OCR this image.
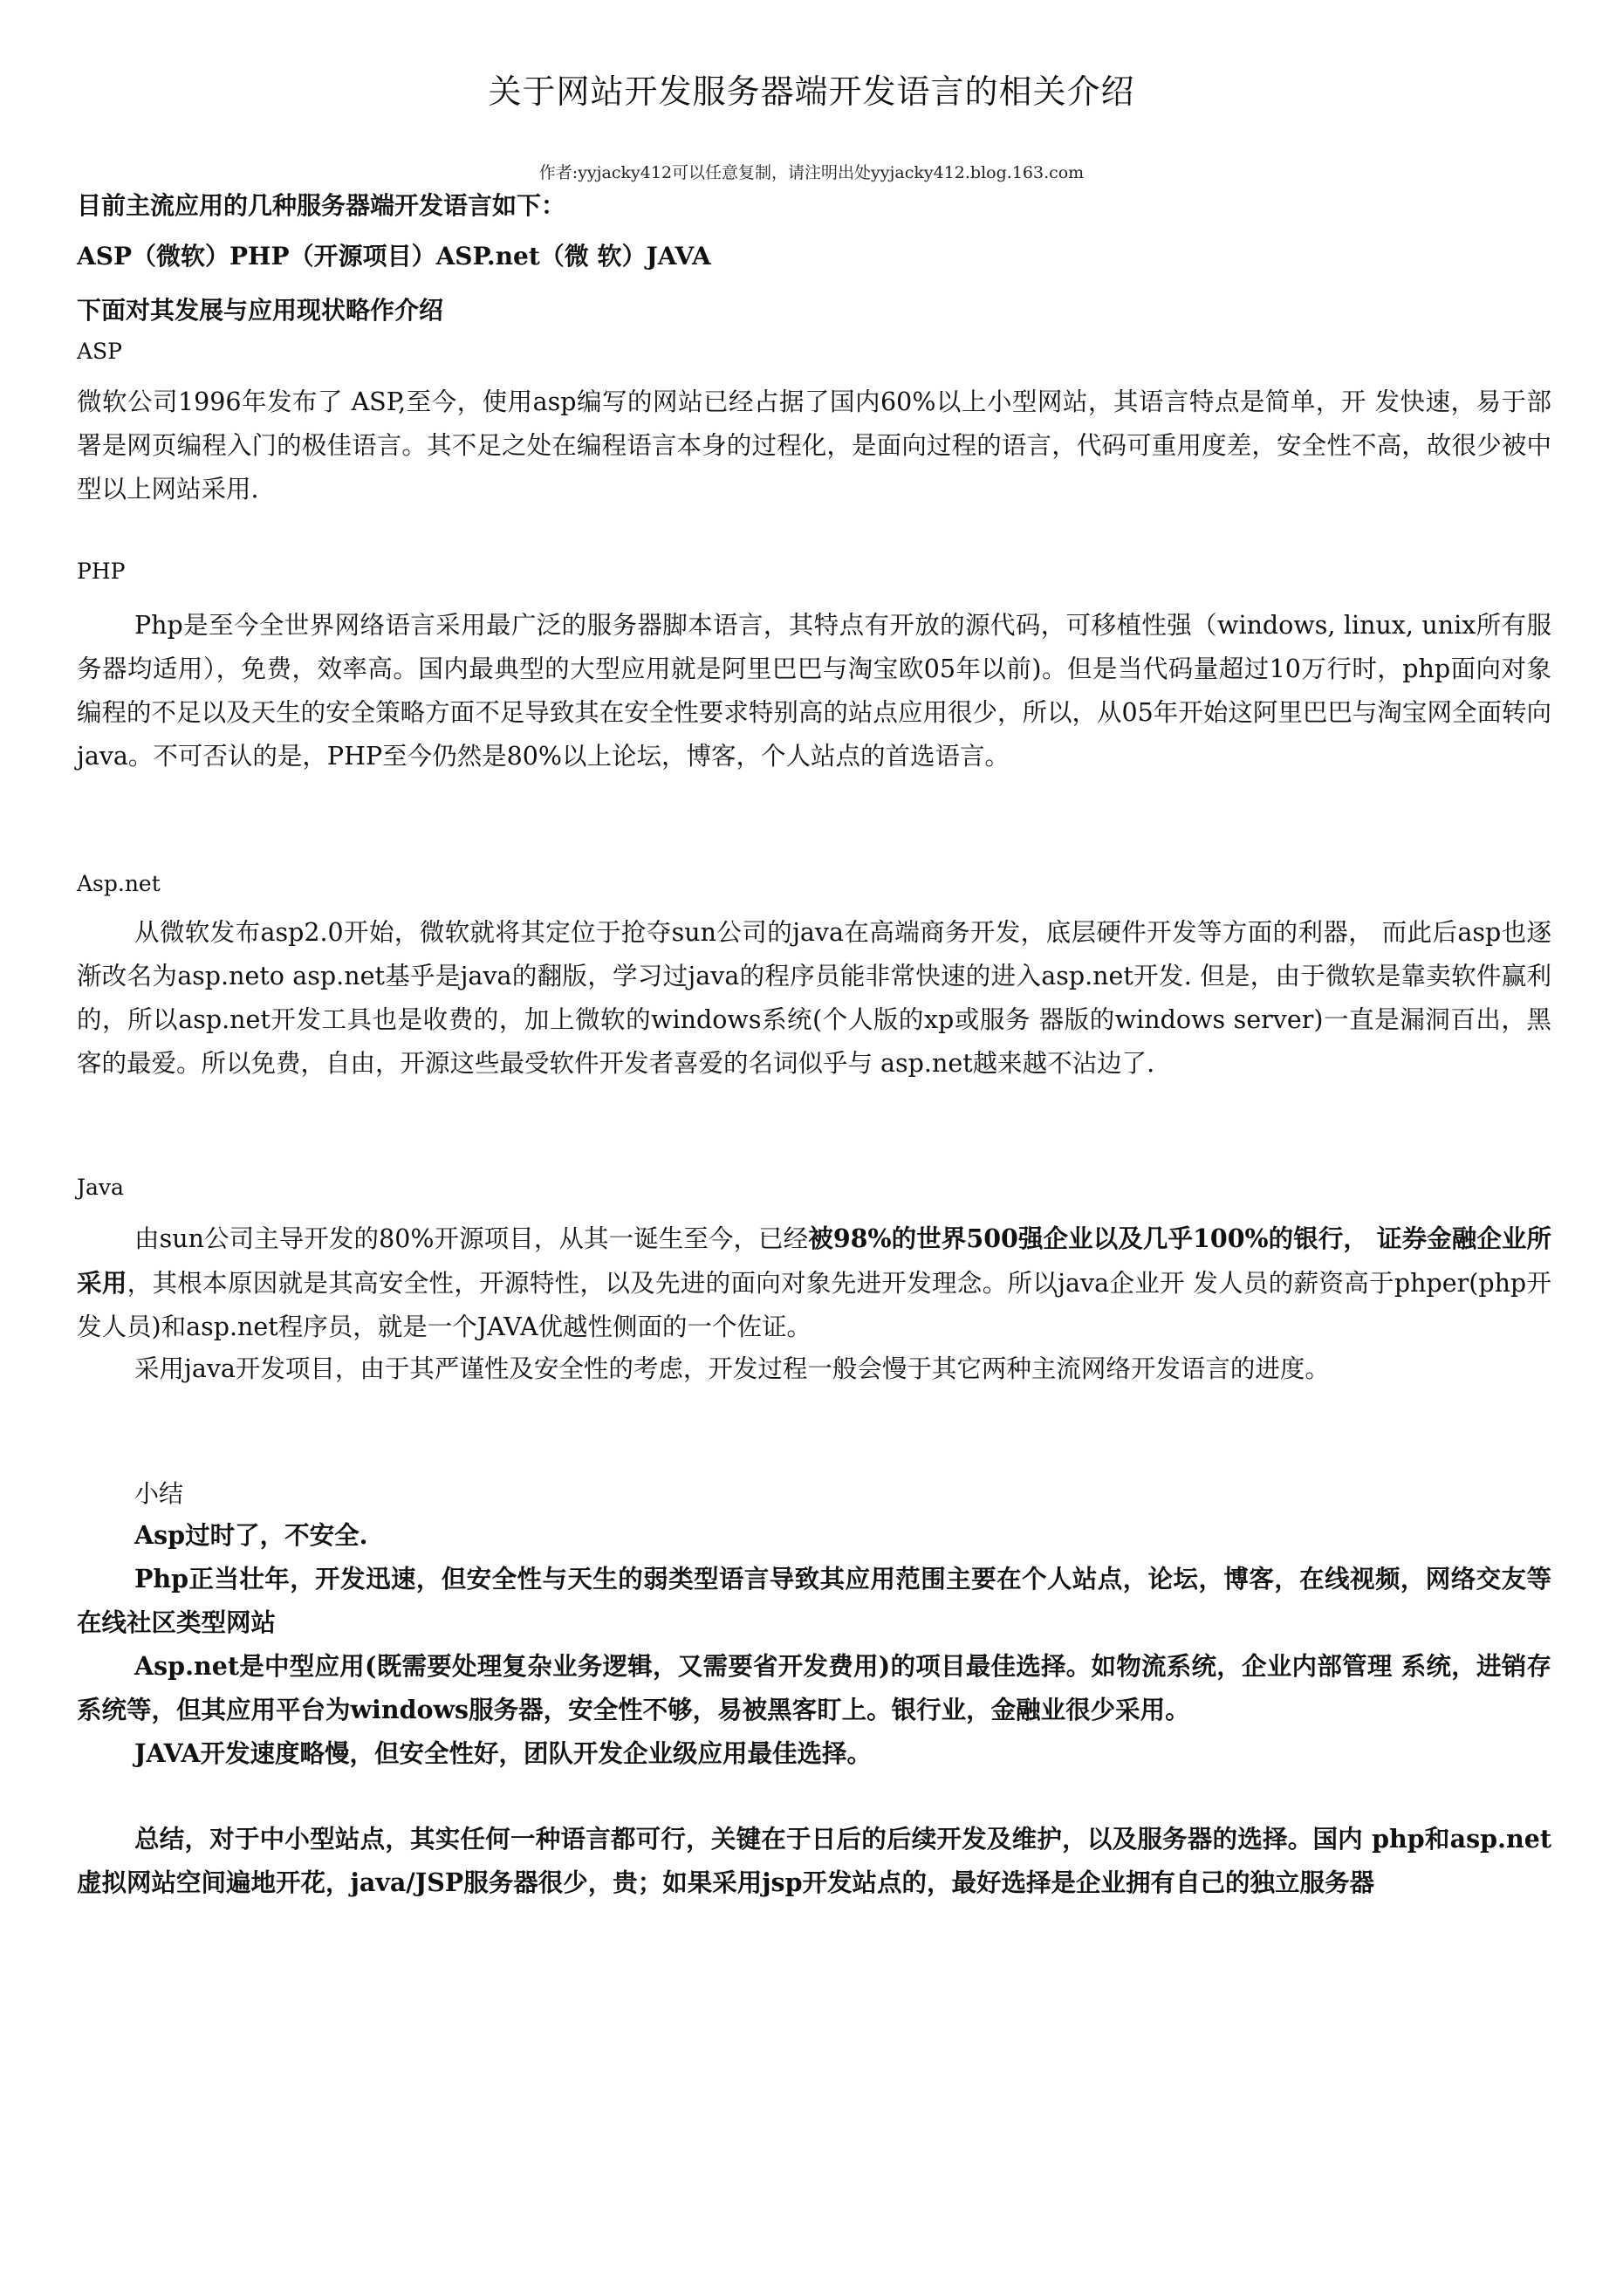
关于网站开发服务器端开发语言的相关介绍
作者:yyjacky412可以任意复制，请注明出处yyjacky412.blog.163.com
目前主流应用的几种服务器端开发语言如下：
ASP（微软）PHP（开源项目）ASP.net（微 软）JAVA
下面对其发展与应用现状略作介绍
ASP

微软公司1996年发布了 ASP,至今，使用asp编写的网站已经占据了国内60%以上小型网站，其语言特点是简单，开 发快速，易于部署是网页编程入门的极佳语言。其不足之处在编程语言本身的过程化，是面向过程的语言，代码可重用度差，安全性不高，故很少被中型以上网站采用.

PHP

Php是至今全世界网络语言采用最广泛的服务器脚本语言，其特点有开放的源代码，可移植性强（windows, linux, unix所有服务器均适用），免费，效率高。国内最典型的大型应用就是阿里巴巴与淘宝欧05年以前)。但是当代码量超过10万行时，php面向对象编程的不足以及天生的安全策略方面不足导致其在安全性要求特别高的站点应用很少，所以，从05年开始这阿里巴巴与淘宝网全面转向java。不可否认的是，PHP至今仍然是80%以上论坛，博客，个人站点的首选语言。

Asp.net

从微软发布asp2.0开始，微软就将其定位于抢夺sun公司的java在高端商务开发，底层硬件开发等方面的利器， 而此后asp也逐渐改名为asp.neto asp.net基乎是java的翻版，学习过java的程序员能非常快速的进入asp.net开发. 但是，由于微软是靠卖软件赢利的，所以asp.net开发工具也是收费的，加上微软的windows系统(个人版的xp或服务 器版的windows server)一直是漏洞百出，黑客的最爱。所以免费，自由，开源这些最受软件开发者喜爱的名词似乎与 asp.net越来越不沾边了.

Java

由sun公司主导开发的80%开源项目，从其一诞生至今，已经被98%的世界500强企业以及几乎100%的银行， 证券金融企业所采用，其根本原因就是其高安全性，开源特性，以及先进的面向对象先进开发理念。所以java企业开 发人员的薪资高于phper(php开发人员)和asp.net程序员，就是一个JAVA优越性侧面的一个佐证。

采用java开发项目，由于其严谨性及安全性的考虑，开发过程一般会慢于其它两种主流网络开发语言的进度。

小结

Asp过时了，不安全.

Php正当壮年，开发迅速，但安全性与天生的弱类型语言导致其应用范围主要在个人站点，论坛，博客，在线视频，网络交友等在线社区类型网站

Asp.net是中型应用(既需要处理复杂业务逻辑，又需要省开发费用)的项目最佳选择。如物流系统，企业内部管理 系统，进销存系统等，但其应用平台为windows服务器，安全性不够，易被黑客盯上。银行业，金融业很少采用。

JAVA开发速度略慢，但安全性好，团队开发企业级应用最佳选择。

总结，对于中小型站点，其实任何一种语言都可行，关键在于日后的后续开发及维护，以及服务器的选择。国内 php和asp.net虚拟网站空间遍地开花，java/JSP服务器很少，贵；如果采用jsp开发站点的，最好选择是企业拥有自己的独立服务器
